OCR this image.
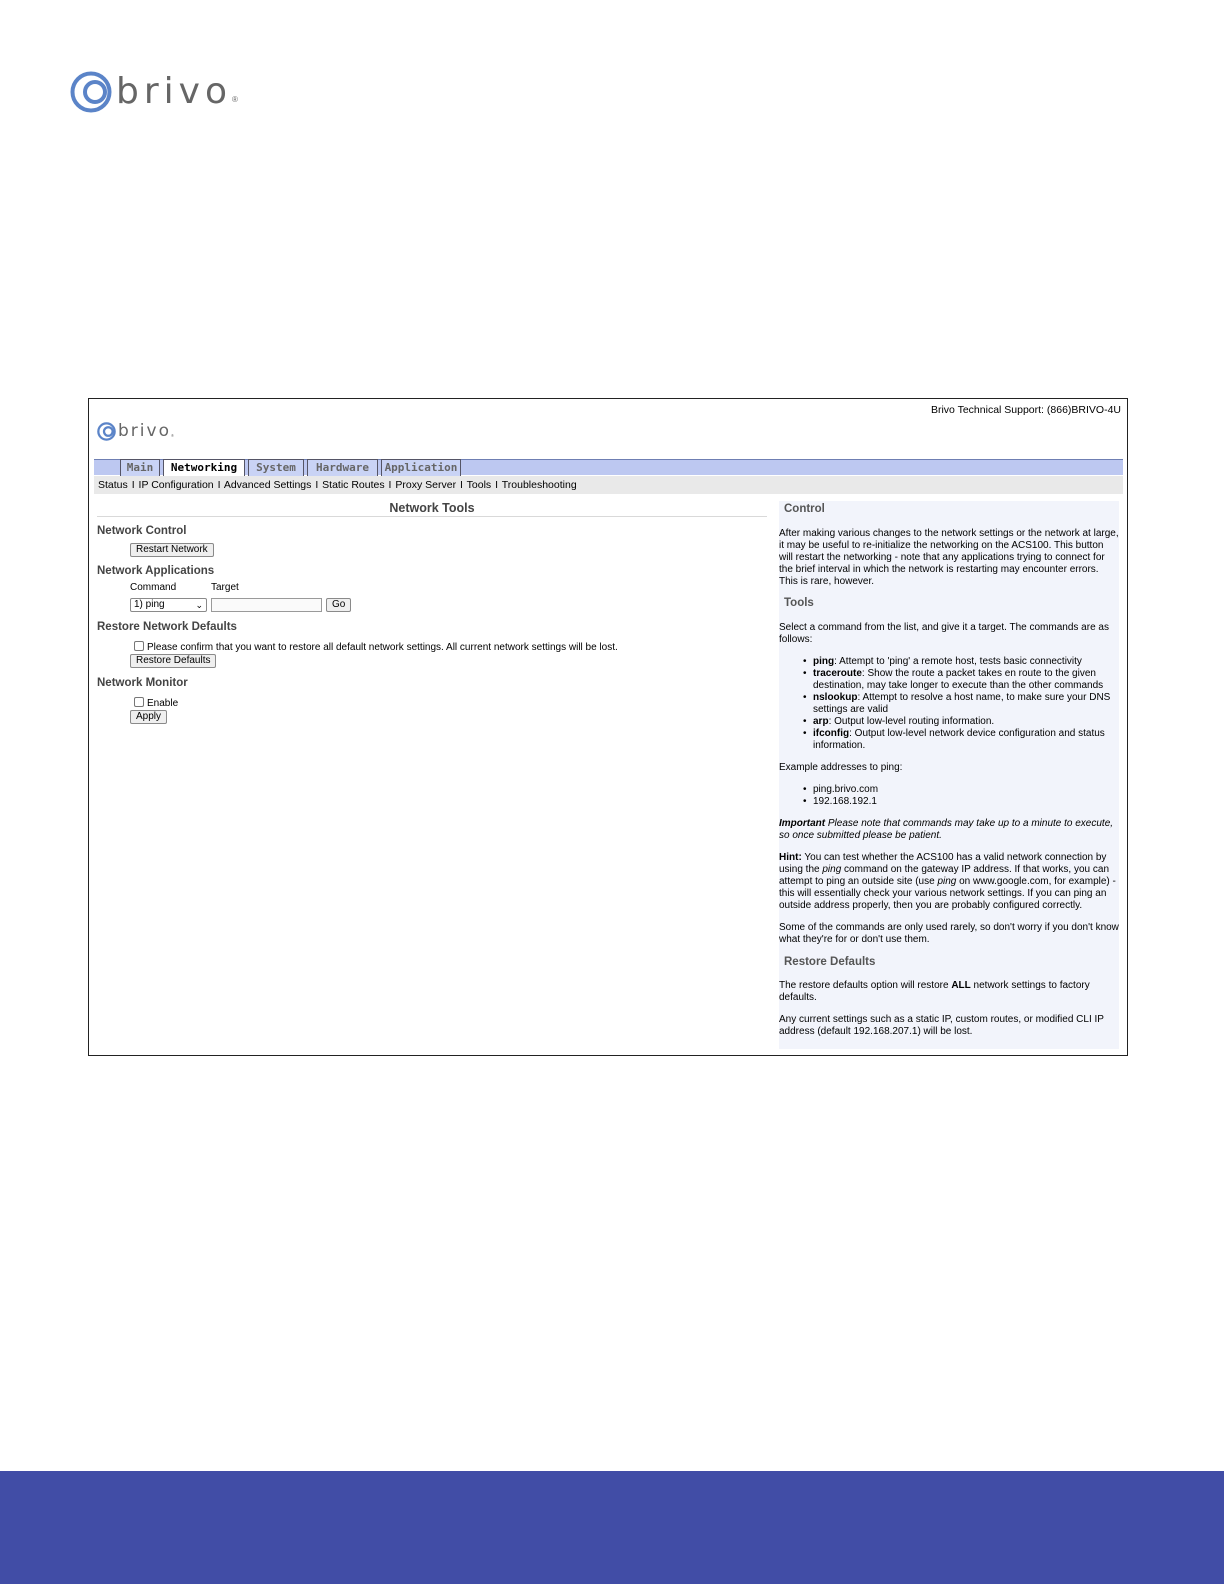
brivo ®
Brivo Technical Support: (866)BRIVO-4U
brivo ®
Main	Networking	System	Hardware	Application
Status I IP Configuration I Advanced Settings I Static Routes I Proxy Server I Tools I Troubleshooting
Network Tools
Network Control
Restart Network
Network Applications
Command	Target
1) ping	⌄	Go
Restore Network Defaults
Please confirm that you want to restore all default network settings. All current network settings will be lost.
Restore Defaults
Network Monitor
Enable
Apply
Control
After making various changes to the network settings or the network at large, it may be useful to re-initialize the networking on the ACS100. This button will restart the networking - note that any applications trying to connect for the brief interval in which the network is restarting may encounter errors. This is rare, however.
Tools
Select a command from the list, and give it a target. The commands are as follows:
• ping: Attempt to 'ping' a remote host, tests basic connectivity
• traceroute: Show the route a packet takes en route to the given destination, may take longer to execute than the other commands
• nslookup: Attempt to resolve a host name, to make sure your DNS settings are valid
• arp: Output low-level routing information.
• ifconfig: Output low-level network device configuration and status information.
Example addresses to ping:
• ping.brivo.com
• 192.168.192.1
Important Please note that commands may take up to a minute to execute, so once submitted please be patient.
Hint: You can test whether the ACS100 has a valid network connection by using the ping command on the gateway IP address. If that works, you can attempt to ping an outside site (use ping on www.google.com, for example) - this will essentially check your various network settings. If you can ping an outside address properly, then you are probably configured correctly.
Some of the commands are only used rarely, so don't worry if you don't know what they're for or don't use them.
Restore Defaults
The restore defaults option will restore ALL network settings to factory defaults.
Any current settings such as a static IP, custom routes, or modified CLI IP address (default 192.168.207.1) will be lost.
